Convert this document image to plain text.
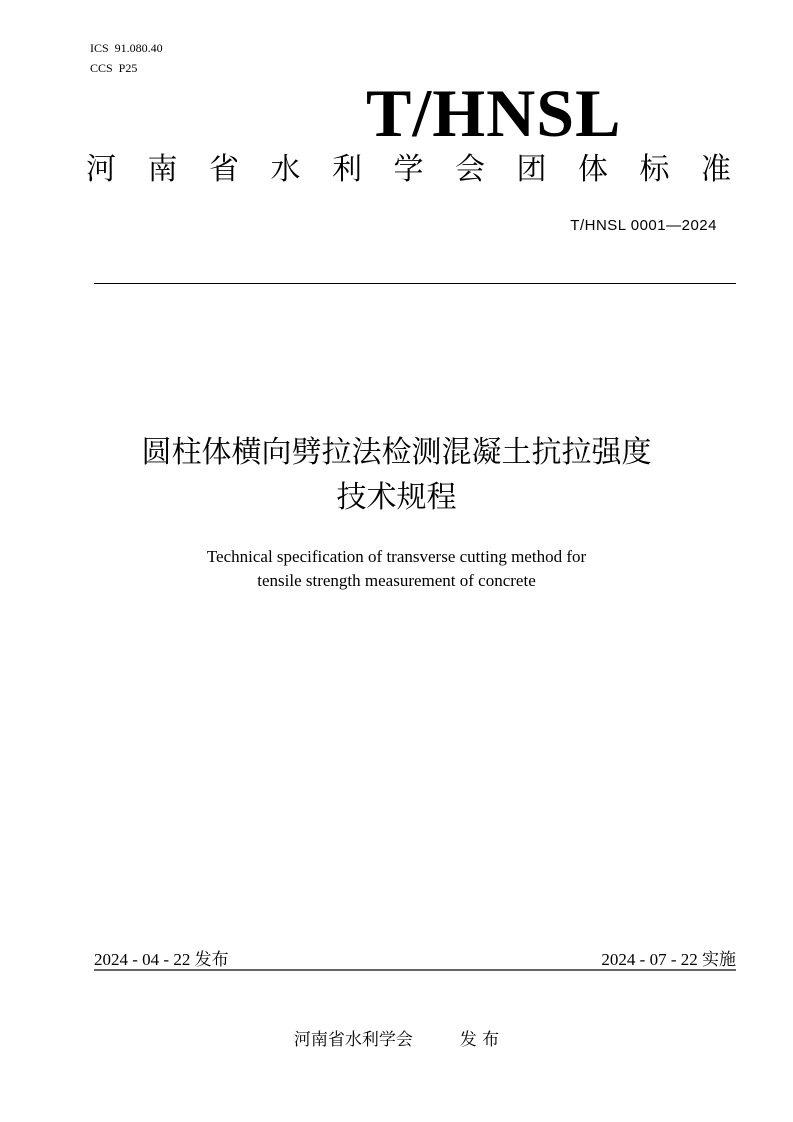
ICS  91.080.40
CCS  P25
T/HNSL
河 南 省 水 利 学 会 团 体 标 准
T/HNSL 0001—2024
圆柱体横向劈拉法检测混凝土抗拉强度
技术规程
Technical specification of transverse cutting method for
tensile strength measurement of concrete
2024 - 04 - 22 发布	2024 - 07 - 22 实施
河南省水利学会	发 布
